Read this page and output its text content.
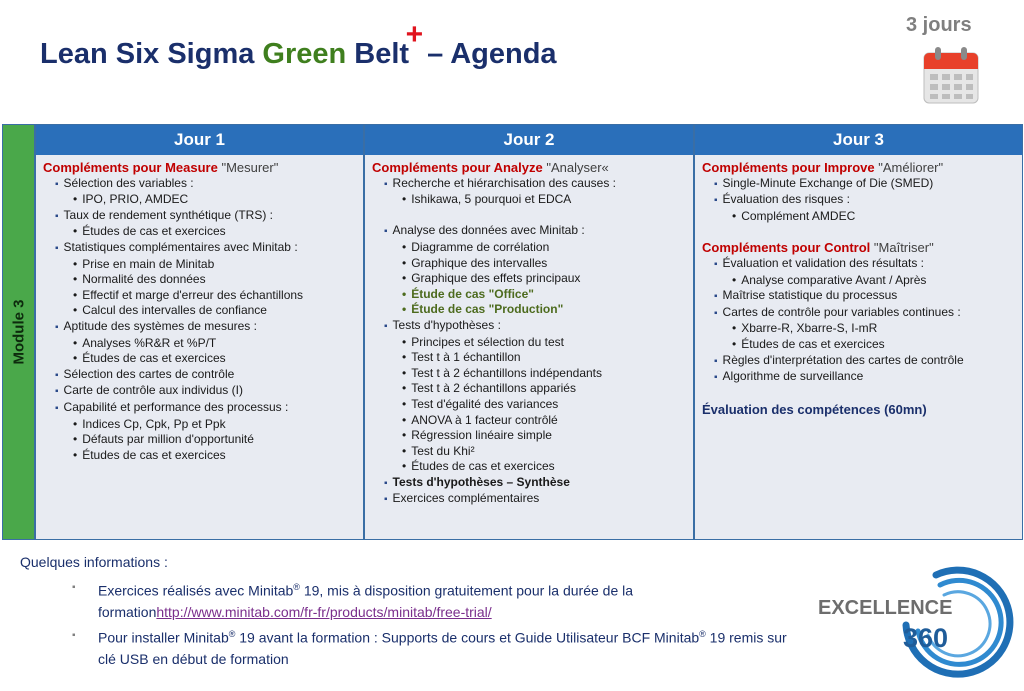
Lean Six Sigma Green Belt
+
– Agenda
3 jours
Module 3
Jour 1
Compléments pour Measure "Mesurer"
▪ Sélection des variables :
• IPO, PRIO, AMDEC
▪ Taux de rendement synthétique (TRS) :
• Études de cas et exercices
▪ Statistiques complémentaires avec Minitab :
• Prise en main de Minitab
• Normalité des données
• Effectif et marge d'erreur des échantillons
• Calcul des intervalles de confiance
▪ Aptitude des systèmes de mesures :
• Analyses %R&R et %P/T
• Études de cas et exercices
▪ Sélection des cartes de contrôle
▪ Carte de contrôle aux individus (I)
▪ Capabilité et performance des processus :
• Indices Cp, Cpk, Pp et Ppk
• Défauts par million d'opportunité
• Études de cas et exercices
Jour 2
Compléments pour Analyze "Analyser«
▪ Recherche et hiérarchisation des causes :
• Ishikawa, 5 pourquoi et EDCA
▪ Analyse des données avec Minitab :
• Diagramme de corrélation
• Graphique des intervalles
• Graphique des effets principaux
• Étude de cas "Office"
• Étude de cas "Production"
▪ Tests d'hypothèses :
• Principes et sélection du test
• Test t à 1 échantillon
• Test t à 2 échantillons indépendants
• Test t à 2 échantillons appariés
• Test d'égalité des variances
• ANOVA à 1 facteur contrôlé
• Régression linéaire simple
• Test du Khi²
• Études de cas et exercices
▪ Tests d'hypothèses – Synthèse
▪ Exercices complémentaires
Jour 3
Compléments pour Improve "Améliorer"
▪ Single-Minute Exchange of Die (SMED)
▪ Évaluation des risques :
• Complément AMDEC
Compléments pour Control "Maîtriser"
▪ Évaluation et validation des résultats :
• Analyse comparative Avant / Après
▪ Maîtrise statistique du processus
▪ Cartes de contrôle pour variables continues :
• Xbarre-R, Xbarre-S, I-mR
• Études de cas et exercices
▪ Règles d'interprétation des cartes de contrôle
▪ Algorithme de surveillance
Évaluation des compétences (60mn)
Quelques informations :
▪ Exercices réalisés avec Minitab® 19, mis à disposition gratuitement pour la durée de la formationhttp://www.minitab.com/fr-fr/products/minitab/free-trial/
▪ Pour installer Minitab® 19 avant la formation : Supports de cours et Guide Utilisateur BCF Minitab® 19 remis sur clé USB en début de formation
EXCELLENCE
360
